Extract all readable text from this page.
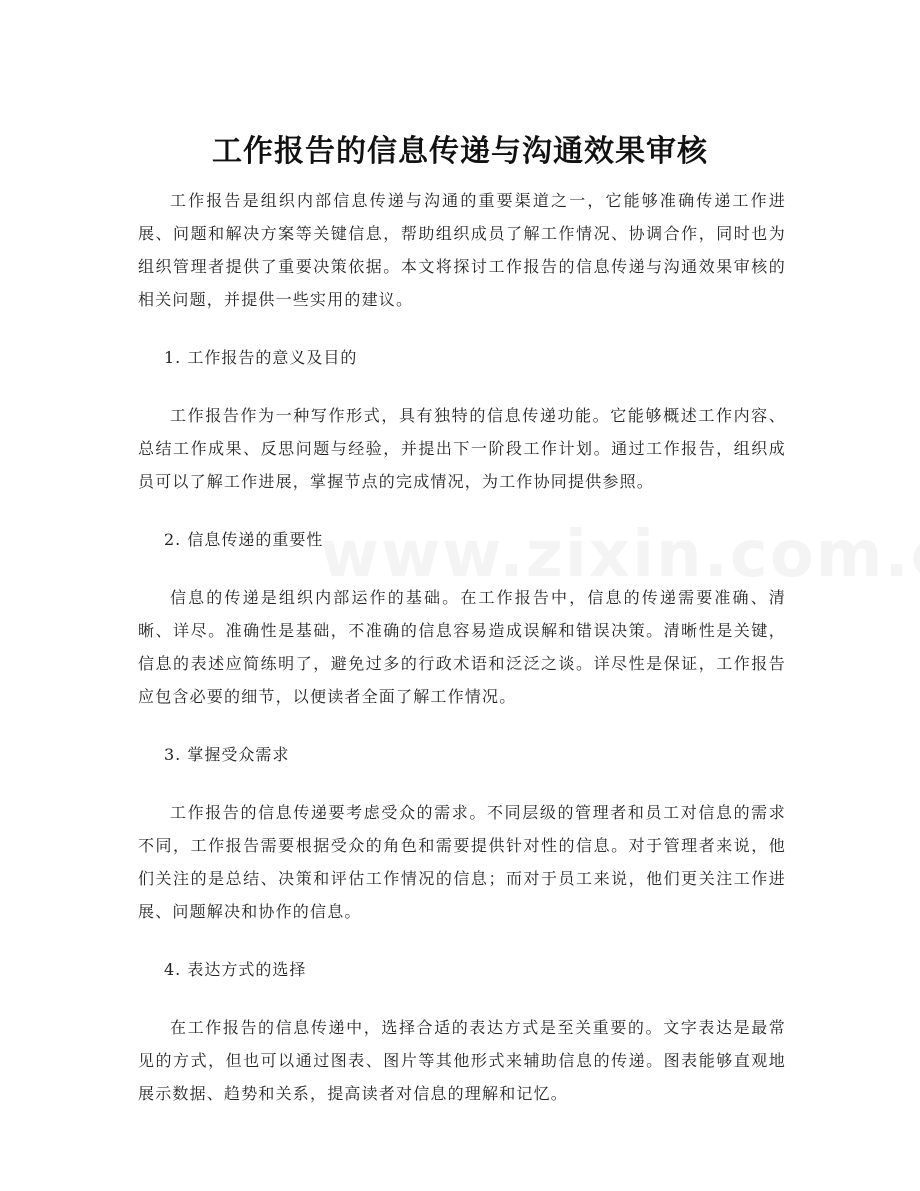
工作报告的信息传递与沟通效果审核

工作报告是组织内部信息传递与沟通的重要渠道之一，它能够准确传递工作进展、问题和解决方案等关键信息，帮助组织成员了解工作情况、协调合作，同时也为组织管理者提供了重要决策依据。本文将探讨工作报告的信息传递与沟通效果审核的相关问题，并提供一些实用的建议。

1. 工作报告的意义及目的

工作报告作为一种写作形式，具有独特的信息传递功能。它能够概述工作内容、总结工作成果、反思问题与经验，并提出下一阶段工作计划。通过工作报告，组织成员可以了解工作进展，掌握节点的完成情况，为工作协同提供参照。

2. 信息传递的重要性

信息的传递是组织内部运作的基础。在工作报告中，信息的传递需要准确、清晰、详尽。准确性是基础，不准确的信息容易造成误解和错误决策。清晰性是关键，信息的表述应简练明了，避免过多的行政术语和泛泛之谈。详尽性是保证，工作报告应包含必要的细节，以便读者全面了解工作情况。

3. 掌握受众需求

工作报告的信息传递要考虑受众的需求。不同层级的管理者和员工对信息的需求不同，工作报告需要根据受众的角色和需要提供针对性的信息。对于管理者来说，他们关注的是总结、决策和评估工作情况的信息；而对于员工来说，他们更关注工作进展、问题解决和协作的信息。

4. 表达方式的选择

在工作报告的信息传递中，选择合适的表达方式是至关重要的。文字表达是最常见的方式，但也可以通过图表、图片等其他形式来辅助信息的传递。图表能够直观地展示数据、趋势和关系，提高读者对信息的理解和记忆。
